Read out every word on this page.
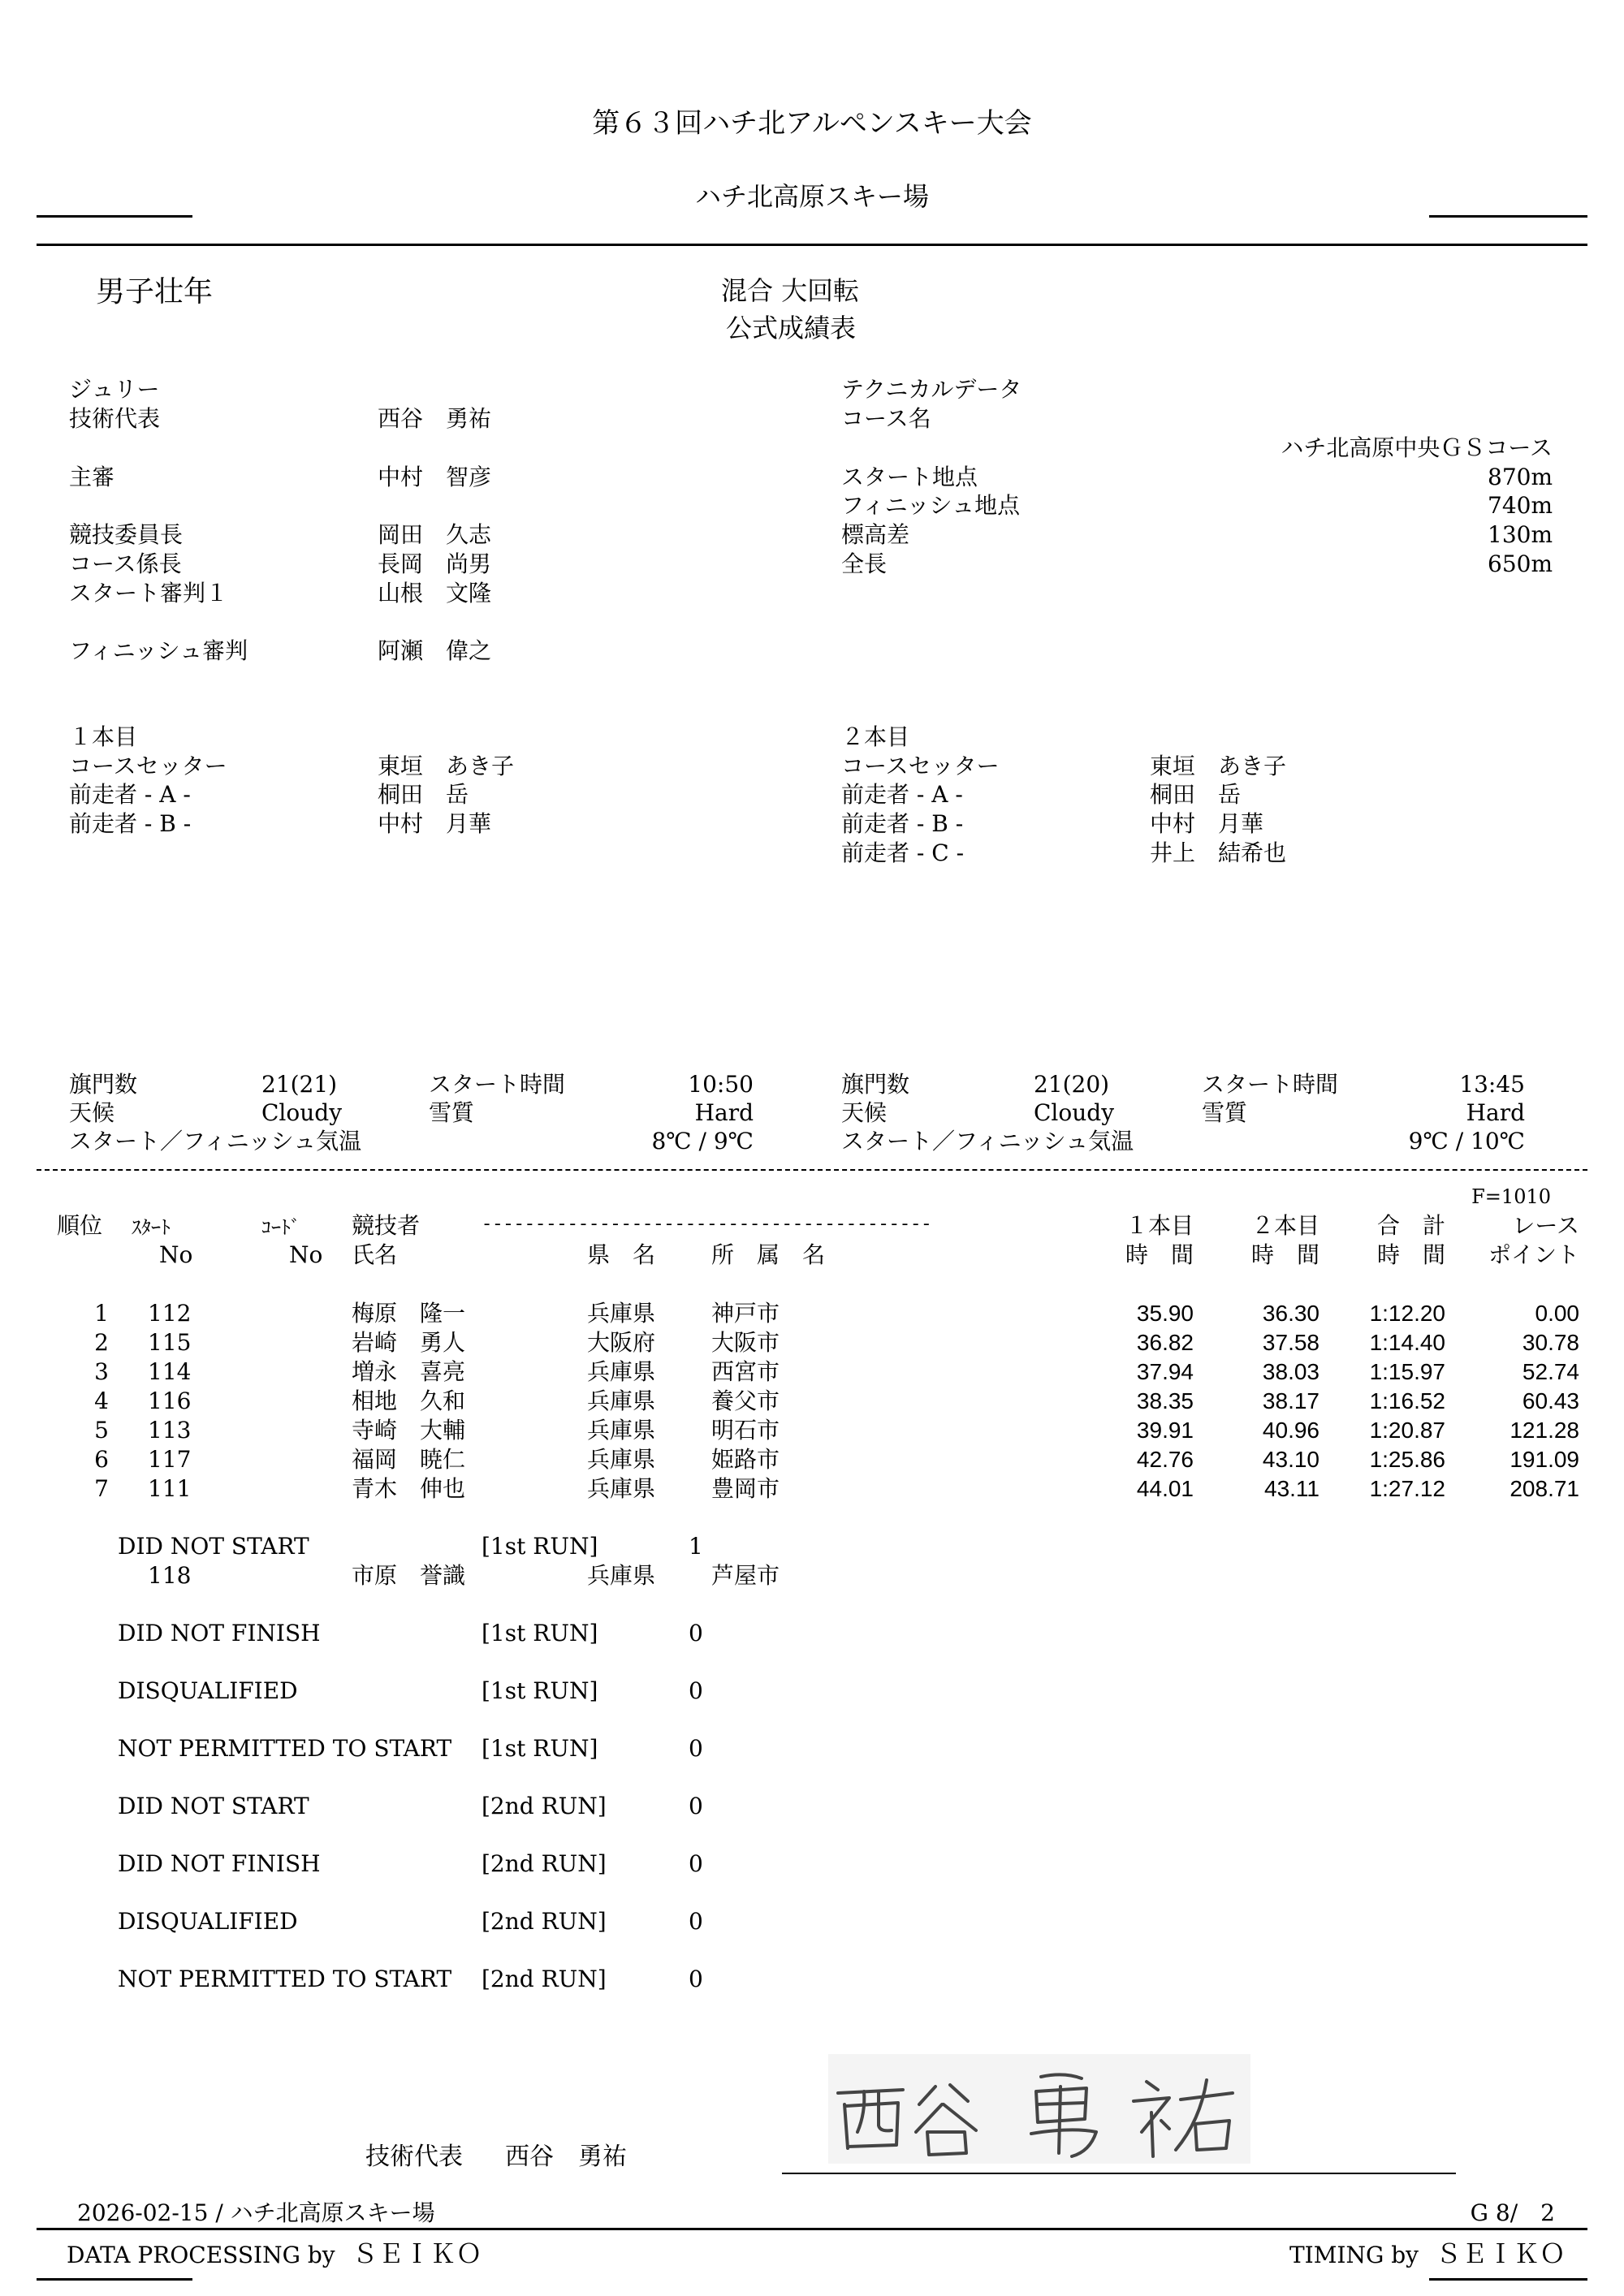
第６３回ハチ北アルペンスキー大会
ハチ北高原スキー場
男子壮年	混合 大回転
公式成績表
ジュリー
技術代表	西谷　勇祐
主審	中村　智彦
競技委員長	岡田　久志
コース係長	長岡　尚男
スタート審判１	山根　文隆
フィニッシュ審判	阿瀬　偉之
テクニカルデータ
コース名
ハチ北高原中央ＧＳコース
スタート地点	870m
フィニッシュ地点	740m
標高差	130m
全長	650m
１本目
コースセッター	東垣　あき子
前走者 - A -	桐田　岳
前走者 - B -	中村　月華
２本目
コースセッター	東垣　あき子
前走者 - A -	桐田　岳
前走者 - B -	中村　月華
前走者 - C -	井上　結希也
旗門数	21(21)	スタート時間	10:50
天候	Cloudy	雪質	Hard
スタート／フィニッシュ気温	8℃ / 9℃
旗門数	21(20)	スタート時間	13:45
天候	Cloudy	雪質	Hard
スタート／フィニッシュ気温	9℃ / 10℃
F=1010
順位 ｽﾀｰﾄ
No
ｺｰﾄﾞ
No
競技者	------------------------------------------
氏名	県　名 所　属　名
１本目
時　間
２本目
時　間
合　計
時　間
レース
ポイント
1 112	梅原　隆一	兵庫県 神戸市	35.90	36.30	1:12.20	0.00
2 115	岩崎　勇人	大阪府 大阪市	36.82	37.58	1:14.40	30.78
3 114	増永　喜亮	兵庫県 西宮市	37.94	38.03	1:15.97	52.74
4 116	相地　久和	兵庫県 養父市	38.35	38.17	1:16.52	60.43
5 113	寺崎　大輔	兵庫県 明石市	39.91	40.96	1:20.87	121.28
6 117	福岡　暁仁	兵庫県 姫路市	42.76	43.10	1:25.86	191.09
7 111	青木　伸也	兵庫県 豊岡市	44.01	43.11	1:27.12	208.71
DID NOT START	[1st RUN]	1
118	市原　誉識	兵庫県 芦屋市
DID NOT FINISH	[1st RUN]	0
DISQUALIFIED	[1st RUN]	0
NOT PERMITTED TO START [1st RUN]	0
DID NOT START	[2nd RUN]	0
DID NOT FINISH	[2nd RUN]	0
DISQUALIFIED	[2nd RUN]	0
NOT PERMITTED TO START [2nd RUN]	0
技術代表 西谷　勇祐
2026-02-15 / ハチ北高原スキー場	G 8/　2
DATA PROCESSING by ＳＥＩＫＯ	TIMING by ＳＥＩＫＯ
